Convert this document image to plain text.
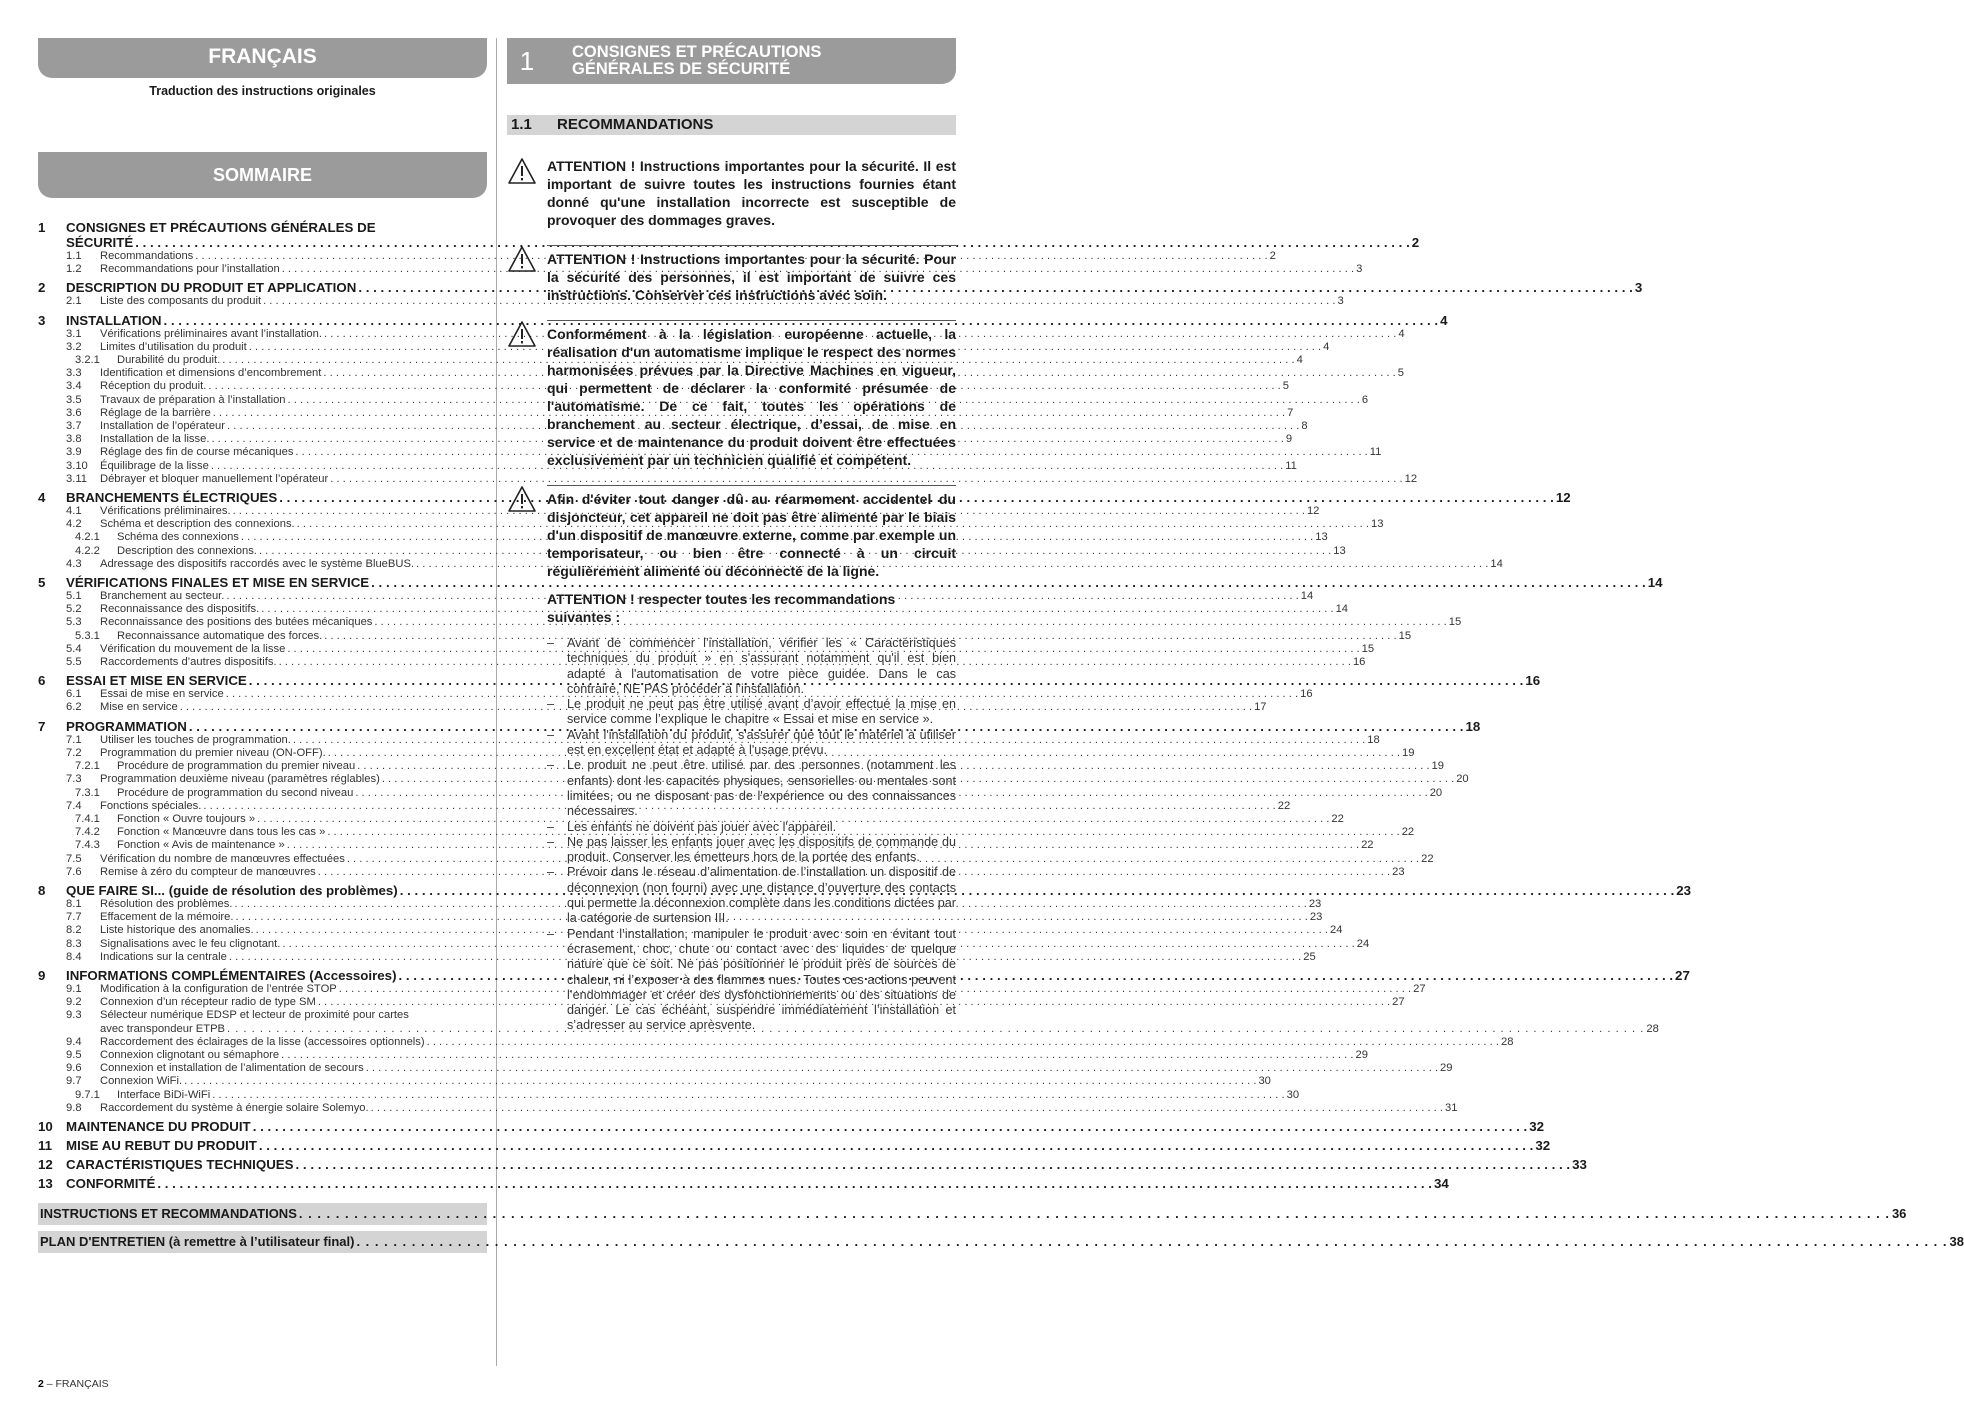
FRANÇAIS
Traduction des instructions originales
SOMMAIRE
1	CONSIGNES ET PRÉCAUTIONS GÉNÉRALES DE
SÉCURITÉ . . .	2
1.1	Recommandations . . .	2
1.2	Recommandations pour l’installation . . .	3
2	DESCRIPTION DU PRODUIT ET APPLICATION . . .	3
2.1	Liste des composants du produit . . .	3
3	INSTALLATION . . .	4
3.1	Vérifications préliminaires avant l’installation. . . .	4
3.2	Limites d’utilisation du produit . . .	4
3.2.1	Durabilité du produit. . . .	4
3.3	Identification et dimensions d’encombrement . . .	5
3.4	Réception du produit. . . .	5
3.5	Travaux de préparation à l’installation . . .	6
3.6	Réglage de la barrière . . .	7
3.7	Installation de l’opérateur . . .	8
3.8	Installation de la lisse. . . .	9
3.9	Réglage des fin de course mécaniques . . .	11
3.10	Équilibrage de la lisse . . .	11
3.11	Débrayer et bloquer manuellement l’opérateur . . .	12
4	BRANCHEMENTS ÉLECTRIQUES . . .	12
4.1	Vérifications préliminaires. . . .	12
4.2	Schéma et description des connexions. . . .	13
4.2.1	Schéma des connexions . . .	13
4.2.2	Description des connexions. . . .	13
4.3	Adressage des dispositifs raccordés avec le système BlueBUS. . . .	14
5	VÉRIFICATIONS FINALES ET MISE EN SERVICE . . .	14
5.1	Branchement au secteur. . . .	14
5.2	Reconnaissance des dispositifs. . . .	14
5.3	Reconnaissance des positions des butées mécaniques . . .	15
5.3.1	Reconnaissance automatique des forces. . . .	15
5.4	Vérification du mouvement de la lisse . . .	15
5.5	Raccordements d’autres dispositifs. . . .	16
6	ESSAI ET MISE EN SERVICE . . .	16
6.1	Essai de mise en service . . .	16
6.2	Mise en service . . .	17
7	PROGRAMMATION . . .	18
7.1	Utiliser les touches de programmation. . . .	18
7.2	Programmation du premier niveau (ON-OFF). . . .	19
7.2.1	Procédure de programmation du premier niveau . . .	19
7.3	Programmation deuxième niveau (paramètres réglables) . . .	20
7.3.1	Procédure de programmation du second niveau . . .	20
7.4	Fonctions spéciales. . . .	22
7.4.1	Fonction « Ouvre toujours » . . .	22
7.4.2	Fonction « Manœuvre dans tous les cas » . . .	22
7.4.3	Fonction « Avis de maintenance » . . .	22
7.5	Vérification du nombre de manœuvres effectuées . . .	22
7.6	Remise à zéro du compteur de manœuvres . . .	23
8	QUE FAIRE SI... (guide de résolution des problèmes) . . .	23
8.1	Résolution des problèmes. . . .	23
7.7	Effacement de la mémoire. . . .	23
8.2	Liste historique des anomalies. . . .	24
8.3	Signalisations avec le feu clignotant. . . .	24
8.4	Indications sur la centrale . . .	25
9	INFORMATIONS COMPLÉMENTAIRES (Accessoires) . . .	27
9.1	Modification à la configuration de l’entrée STOP . . .	27
9.2	Connexion d’un récepteur radio de type SM . . .	27
9.3	Sélecteur numérique EDSP et lecteur de proximité pour cartes
avec transpondeur ETPB . . .	28
9.4	Raccordement des éclairages de la lisse (accessoires optionnels) . . .	28
9.5	Connexion clignotant ou sémaphore . . .	29
9.6	Connexion et installation de l’alimentation de secours . . .	29
9.7	Connexion WiFi. . . .	30
9.7.1	Interface BiDi-WiFi . . .	30
9.8	Raccordement du système à énergie solaire Solemyo. . . .	31
10 MAINTENANCE DU PRODUIT . . .	32
11	MISE AU REBUT DU PRODUIT . . .	32
12 CARACTÉRISTIQUES TECHNIQUES . . .	33
13 CONFORMITÉ . . .	34
INSTRUCTIONS ET RECOMMANDATIONS . . .	36
PLAN D'ENTRETIEN (à remettre à l’utilisateur final) . . .	38
1	CONSIGNES ET PRÉCAUTIONS
GÉNÉRALES DE SÉCURITÉ
1.1	RECOMMANDATIONS
ATTENTION ! Instructions importantes pour la sécurité. Il est important de suivre toutes les instructions fournies étant donné qu'une installation incorrecte est susceptible de provoquer des dommages graves.
ATTENTION ! Instructions importantes pour la sécurité. Pour la sécurité des personnes, il est important de suivre ces instructions. Conserver ces instructions avec soin.
Conformément à la législation européenne actuelle, la réalisation d'un automatisme implique le respect des normes harmonisées prévues par la Directive Machines en vigueur, qui permettent de déclarer la conformité présumée de l'automatisme. De ce fait, toutes les opérations de branchement au secteur électrique, d’essai, de mise en service et de maintenance du produit doivent être effectuées exclusivement par un technicien qualifié et compétent.
Afin d'éviter tout danger dû au réarmement accidentel du disjoncteur, cet appareil ne doit pas être alimenté par le biais d'un dispositif de manœuvre externe, comme par exemple un temporisateur, ou bien être connecté à un circuit régulièrement alimenté ou déconnecté de la ligne.
ATTENTION ! respecter toutes les recommandations suivantes :
– Avant de commencer l’installation, vérifier les « Caractéristiques techniques du produit » en s'assurant notamment qu'il est bien adapté à l'automatisation de votre pièce guidée. Dans le cas contraire, NE PAS procéder à l’installation.
– Le produit ne peut pas être utilisé avant d’avoir effectué la mise en service comme l’explique le chapitre « Essai et mise en service ».
– Avant l'installation du produit, s'assurer que tout le matériel à utiliser est en excellent état et adapté à l'usage prévu.
– Le produit ne peut être utilisé par des personnes (notamment les enfants) dont les capacités physiques, sensorielles ou mentales sont limitées, ou ne disposant pas de l'expérience ou des connaissances nécessaires.
– Les enfants ne doivent pas jouer avec l'appareil.
– Ne pas laisser les enfants jouer avec les dispositifs de commande du produit. Conserver les émetteurs hors de la portée des enfants.
– Prévoir dans le réseau d’alimentation de l’installation un dispositif de déconnexion (non fourni) avec une distance d’ouverture des contacts qui permette la déconnexion complète dans les conditions dictées par la catégorie de surtension III.
– Pendant l’installation, manipuler le produit avec soin en évitant tout écrasement, choc, chute ou contact avec des liquides de quelque nature que ce soit. Ne pas positionner le produit près de sources de chaleur, ni l’exposer à des flammes nues. Toutes ces actions peuvent l’endommager et créer des dysfonctionnements ou des situations de danger. Le cas échéant, suspendre immédiatement l’installation et s’adresser au service aprèsvente.
2 – FRANÇAIS
